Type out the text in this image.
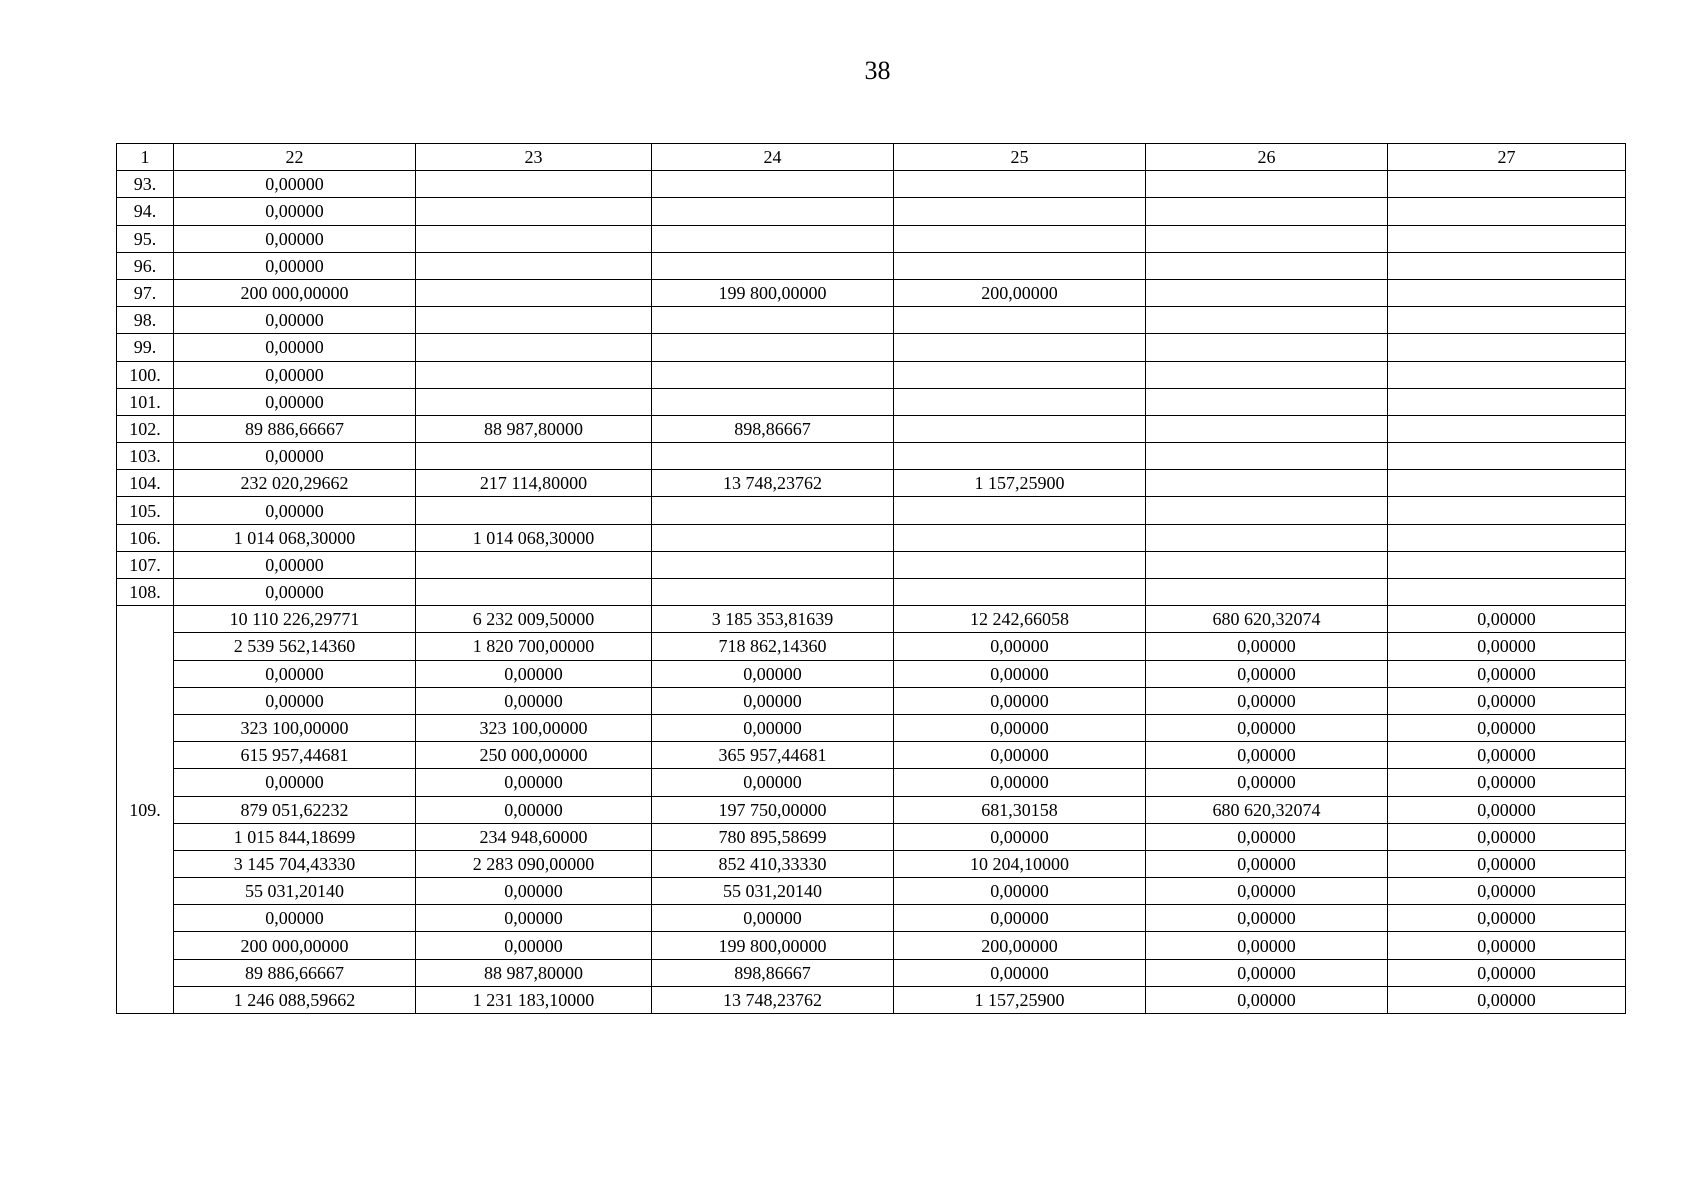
38
1	22	23	24	25	26	27
93.	0,00000					
94.	0,00000					
95.	0,00000					
96.	0,00000					
97.	200 000,00000		199 800,00000	200,00000		
98.	0,00000					
99.	0,00000					
100.	0,00000					
101.	0,00000					
102.	89 886,66667	88 987,80000	898,86667			
103.	0,00000					
104.	232 020,29662	217 114,80000	13 748,23762	1 157,25900		
105.	0,00000					
106.	1 014 068,30000	1 014 068,30000				
107.	0,00000					
108.	0,00000					
109.	10 110 226,29771	6 232 009,50000	3 185 353,81639	12 242,66058	680 620,32074	0,00000
	2 539 562,14360	1 820 700,00000	718 862,14360	0,00000	0,00000	0,00000
	0,00000	0,00000	0,00000	0,00000	0,00000	0,00000
	0,00000	0,00000	0,00000	0,00000	0,00000	0,00000
	323 100,00000	323 100,00000	0,00000	0,00000	0,00000	0,00000
	615 957,44681	250 000,00000	365 957,44681	0,00000	0,00000	0,00000
	0,00000	0,00000	0,00000	0,00000	0,00000	0,00000
	879 051,62232	0,00000	197 750,00000	681,30158	680 620,32074	0,00000
	1 015 844,18699	234 948,60000	780 895,58699	0,00000	0,00000	0,00000
	3 145 704,43330	2 283 090,00000	852 410,33330	10 204,10000	0,00000	0,00000
	55 031,20140	0,00000	55 031,20140	0,00000	0,00000	0,00000
	0,00000	0,00000	0,00000	0,00000	0,00000	0,00000
	200 000,00000	0,00000	199 800,00000	200,00000	0,00000	0,00000
	89 886,66667	88 987,80000	898,86667	0,00000	0,00000	0,00000
	1 246 088,59662	1 231 183,10000	13 748,23762	1 157,25900	0,00000	0,00000
